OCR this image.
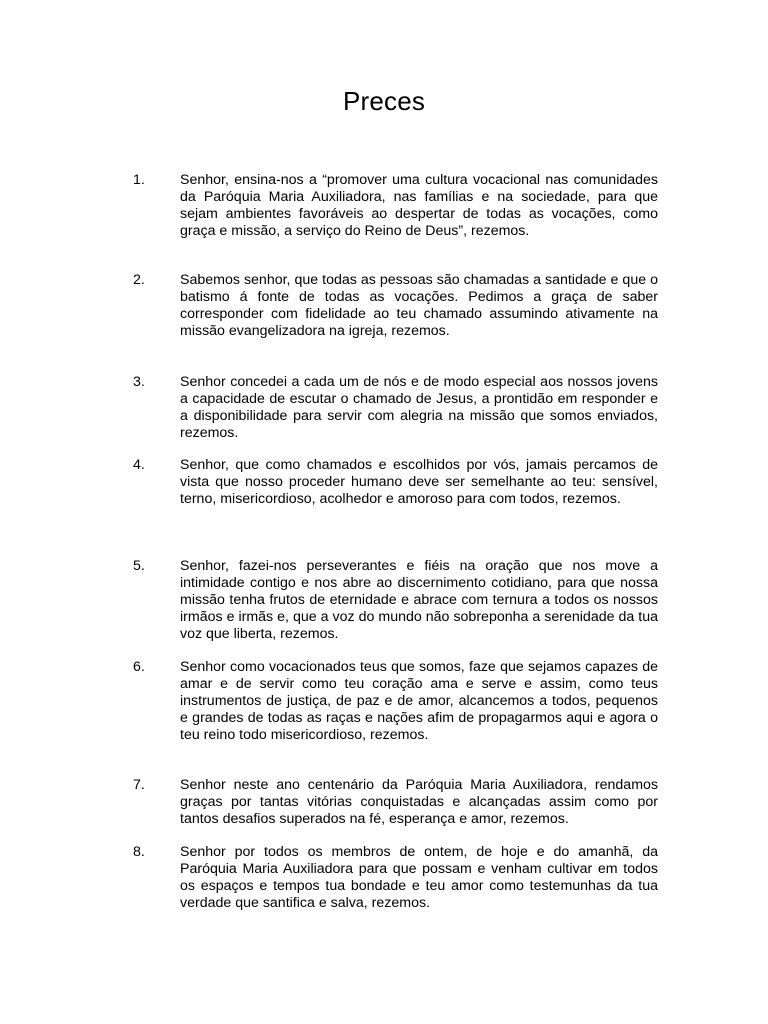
Preces
1. Senhor, ensina-nos a “promover uma cultura vocacional nas comunidades da Paróquia Maria Auxiliadora, nas famílias e na sociedade, para que sejam ambientes favoráveis ao despertar de todas as vocações, como graça e missão, a serviço do Reino de Deus”, rezemos.

2. Sabemos senhor, que todas as pessoas são chamadas a santidade e que o batismo á fonte de todas as vocações. Pedimos a graça de saber corresponder com fidelidade ao teu chamado assumindo ativamente na missão evangelizadora na igreja, rezemos.

3. Senhor concedei a cada um de nós e de modo especial aos nossos jovens a capacidade de escutar o chamado de Jesus, a prontidão em responder e a disponibilidade para servir com alegria na missão que somos enviados, rezemos.

4. Senhor, que como chamados e escolhidos por vós, jamais percamos de vista que nosso proceder humano deve ser semelhante ao teu: sensível, terno, misericordioso, acolhedor e amoroso para com todos, rezemos.

5. Senhor, fazei-nos perseverantes e fiéis na oração que nos move a intimidade contigo e nos abre ao discernimento cotidiano, para que nossa missão tenha frutos de eternidade e abrace com ternura a todos os nossos irmãos e irmãs e, que a voz do mundo não sobreponha a serenidade da tua voz que liberta, rezemos.

6. Senhor como vocacionados teus que somos, faze que sejamos capazes de amar e de servir como teu coração ama e serve e assim, como teus instrumentos de justiça, de paz e de amor, alcancemos a todos, pequenos e grandes de todas as raças e nações afim de propagarmos aqui e agora o teu reino todo misericordioso, rezemos.

7. Senhor neste ano centenário da Paróquia Maria Auxiliadora, rendamos graças por tantas vitórias conquistadas e alcançadas assim como por tantos desafios superados na fé, esperança e amor, rezemos.

8. Senhor por todos os membros de ontem, de hoje e do amanhã, da Paróquia Maria Auxiliadora para que possam e venham cultivar em todos os espaços e tempos tua bondade e teu amor como testemunhas da tua verdade que santifica e salva, rezemos.
